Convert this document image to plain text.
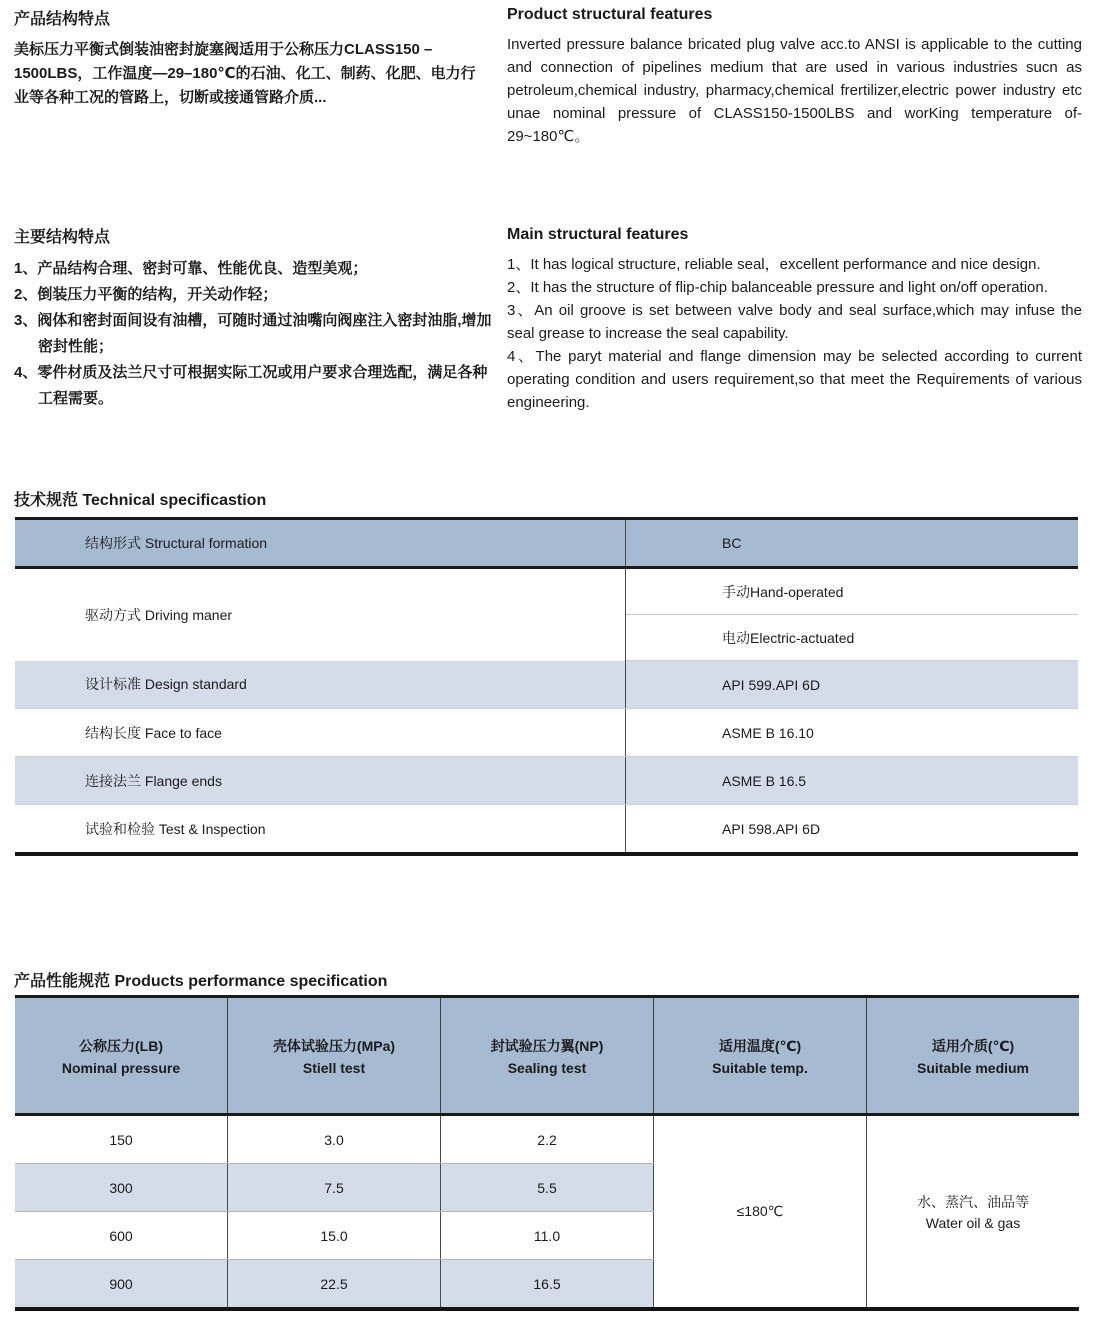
产品结构特点

美标压力平衡式倒装油密封旋塞阀适用于公称压力CLASS150 –1500LBS，工作温度—29–180℃的石油、化工、制药、化肥、电力行业等各种工况的管路上，切断或接通管路介质...

Product structural features

Inverted pressure balance bricated plug valve acc.to ANSI is applicable to the cutting and connection of pipelines medium that are used in various industries sucn as petroleum,chemical industry, pharmacy,chemical frertilizer,electric power industry etc unae nominal pressure of CLASS150-1500LBS and worKing temperature of-29~180℃。

主要结构特点

1、产品结构合理、密封可靠、性能优良、造型美观；

2、倒装压力平衡的结构，开关动作轻；

3、阀体和密封面间设有油槽，可随时通过油嘴向阀座注入密封油脂,增加密封性能；

4、零件材质及法兰尺寸可根据实际工况或用户要求合理选配，满足各种工程需要。

Main structural features

1、It has logical structure, reliable seal，excellent performance and nice design.

2、It has the structure of flip-chip balanceable pressure and light on/off operation.

3、An oil groove is set between valve body and seal surface,which may infuse the seal grease to increase the seal capability.

4、The paryt material and flange dimension may be selected according to current operating condition and users requirement,so that meet the Requirements of various engineering.

技术规范 Technical specificastion

结构形式 Structural formation	BC
驱动方式 Driving maner	手动Hand-operated
	电动Electric-actuated
设计标准 Design standard	API 599.API 6D
结构长度 Face to face	ASME B 16.10
连接法兰 Flange ends	ASME B 16.5
试验和检验 Test & Inspection	API 598.API 6D

产品性能规范 Products performance specification

公称压力(LB)
Nominal pressure

壳体试验压力(MPa)
Stiell test

封试验压力翼(NP)
Sealing test

适用温度(℃)
Suitable temp.

适用介质(℃)
Suitable medium

150	3.0	2.2	≤180℃	水、蒸汽、油品等
Water oil & gas

300	7.5	5.5		
600	15.0	11.0		
900	22.5	16.5		
